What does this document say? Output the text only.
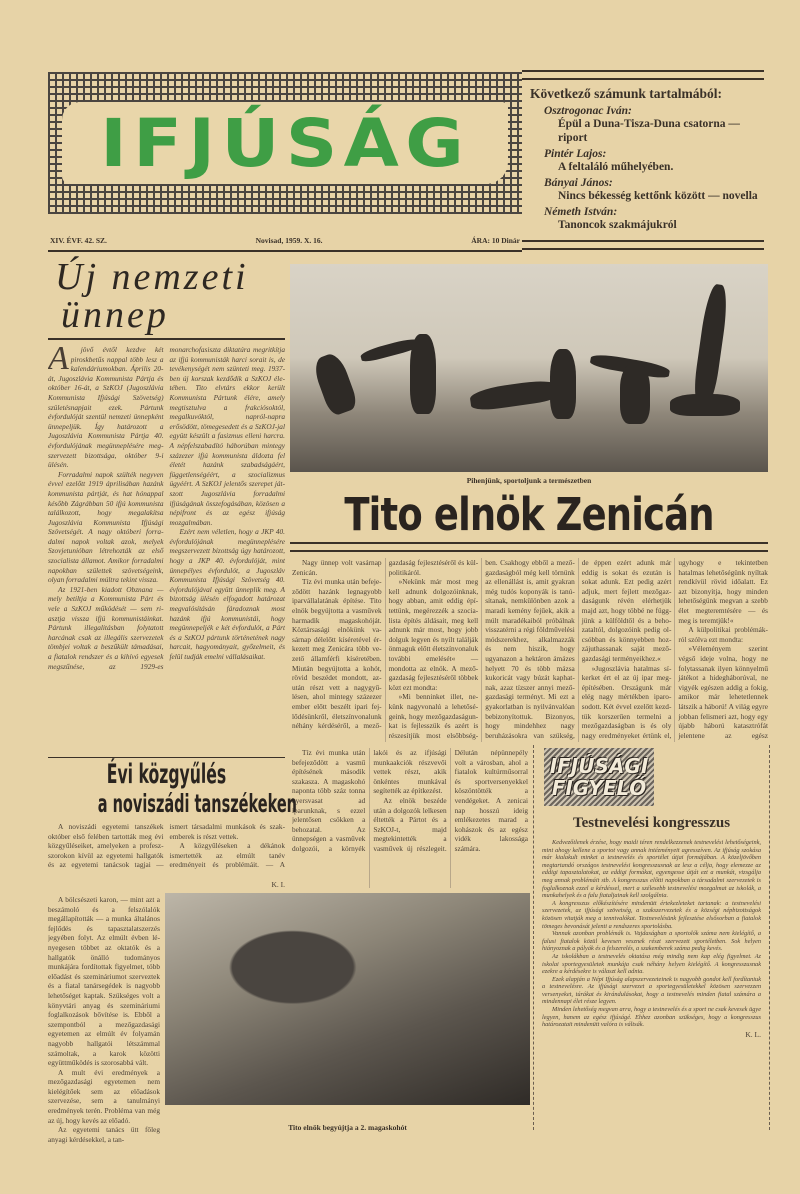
IFJÚSÁG
Következő számunk tartalmából:
Osztrogonac Iván:
Épül a Duna-Tisza-Duna csatorna — riport
Pintér Lajos:
A feltaláló műhelyében.
Bányai János:
Nincs békesség kettőnk között — novella
Németh István:
Tanoncok szakmájukról
XIV. ÉVF. 42. SZ.	Novisad, 1959. X. 16.	ÁRA: 10 Dinár
Új nemzeti
ünnep
A	jövő évtől kezdve két piroskbetűs nappal több lesz a kalendáriumokban. Április 20-át, Jugoszlávia Kommunista Pártja és október 16-át, a SzKOJ (Jugoszlávia Kommunista Ifjúsági Szövetség) születésnapjait ezek. Pártunk évfordulóját szentül nemzeti ünnepként ünnepeljük. Így határozott a Jugoszlávia Kommunista Pártja 40. évfordulójának megünneplésére megszervezett bizottsága, október 9-i ülésén.

Forradalmi napok szülték negyven évvel ezelőtt 1919 áprilisában hazánk kommunista pártját, és hat hónappal később Zágrábban 50 ifjú kommunista találkozott, hogy megalakítsa Jugoszlávia Kommunista Ifjúsági Szövetségét. A nagy októberi forradalmi napok voltak azok, melyek Szovjetunióban létrehozták az első szocialista államot. Amikor forradalmi napokban születtek szövetségeink, olyan forradalmi múltra tekint vissza.

Az 1921-ben kiadott Obznana — mely betiltja a Kommunista Párt és vele a SzKOJ működését — sem riasztja vissza ifjú kommunistáinkat. Pártunk illegalitásban folytatott harcának csak az illegális szervezetek tömbjei voltak a beszűkült támadásai, a fiatalok rendszer és a kihívó egyesek megszűnése, az 1929-es monarchofasiszta diktatúra megritkítja az ifjú kommunisták harci sorait is, de tevékenységét nem szünteti meg. 1937-ben új korszak kezdődik a SzKOJ életében. Tito elvtárs ekkor került Kommunista Pártunk élére, amely megtisztulva a frakciósoktól, megalkuvóktól, napról-napra erősödött, tömegesedett és a SzKOJ-jal együtt készült a fasizmus elleni harcra. A népfelszabadító háborúban mintegy százezer ifjú kommunista áldozta fel életét hazánk szabadságáért, függetlenségéért, a szocializmus ügyéért. A SzKOJ jelentős szerepet játszott Jugoszlávia forradalmi ifjúságának összefogásában, közösen a népifront és az egész ifjúság mozgalmában.

Ezért nem véletlen, hogy a JKP 40. évfordulójának megünneplésére megszervezett bizottság úgy határozott, hogy a JKP 40. évfordulóját, mint ünnepélyes évfordulót, a Jugoszláv Kommunista Ifjúsági Szövetség 40. évfordulójával együtt ünneplik meg. A bizottság ülésén elfogadott határozat megvalósításán fáradoznak most hazánk ifjú kommunistái, hogy megünnepeljék e két évfordulót, a Párt és a SzKOJ pártunk történetének nagy harcait, hagyományait, győzelmeit, és felül tudják emelni vállalásaikat.

Pihenjünk, sportoljunk a természetben
Tito elnök Zenicán

Nagy ünnep volt vasárnap Zenicán.

Tíz évi munka után befejeződött hazánk legnagyobb iparvállalatának építése. Tito elnök begyújtotta a vasművek harmadik magaskohóját. Köztársasági elnökünk vasárnap délelőtt kíséretével érkezett meg Zenicára több vezető államférfi kíséretében. Miután begyújtotta a kohót, rövid beszédet mondott, azután részt vett a nagygyűlésen, ahol mintegy százezer ember előtt beszélt ipari fejlődésünkről, életszínvonalunk néhány kérdéséről, a mezőgazdaság fejlesztéséről és külpolitikáról.

»Nekünk már most meg kell adnunk dolgozóinknak, hogy abban, amit eddig építettünk, megérezzék a szocialista építés áldásait, meg kell adnunk már most, hogy jobb dolguk legyen és nyílt találják önmaguk előtt életszínvonaluk további emelését« — mondotta az elnök. A mezőgazdaság fejlesztéséről többek közt ezt mondta:

»Mi benninket illet, nekünk nagyvonalú a lehetőségeink, hogy mezőgazdaságunkat is fejlesszük és azért is részesítjük most elsőbbségben. Csakhogy ebből a mezőgazdaságból még kell törnünk az ellenállást is, amit gyakran még tudós koponyák is tanúsítanak, nemkülönben azok a maradi kemény fejűek, akik a múlt maradékaiból próbálnak visszatérni a régi földművelési módszerekhez, alkalmazzák és nem hiszik, hogy ugyanazon a hektáron ámázes helyett 70 és több mázsa kukoricát vagy búzát kaphatnak, azaz tízszer annyi mezőgazdasági terményt. Mi ezt a gyakorlatban is nyilvánvalóan bebizonyítottuk. Bizonyos, hogy mindehhez nagy beruházásokra van szükség, de éppen ezért adunk már eddig is sokat és ezután is sokat adunk. Ezt pedig azért adjuk, mert fejlett mezőgazdaságunk révén elérhetjük majd azt, hogy többé ne függjünk a külföldtől és a behozataltól, dolgozóink pedig olcsóbban és könnyebben hozzájuthassanak saját mezőgazdasági terményeikhez.«

»Jugoszlávia hatalmas síkerket ért el az új ipar megépítésében. Országunk már elég nagy mértékben iparosodott. Két évvel ezelőtt kezdtük korszerűen termelni a mezőgazdaságban is és oly nagy eredményeket értünk el, ugyhogy e tekintetben hatalmas lehetőségünk nyíltak rendkívül rövid időalatt. Ez azt bizonyítja, hogy minden lehetőségünk megvan a szebb élet megteremtésére — és meg is teremtjük!«

A külpolitikai problémákról szólva ezt mondta:

»Véleményem szerint végső ideje volna, hogy ne folytassanak ilyen könnyelmű játékot a hidegháborúval, ne vigyék egészen addig a fokig, amikor már lehetetlennek látszik a háború! A világ egyre jobban felismeri azt, hogy egy újabb háború katasztrófát jelentene az egész

Tíz évi munka után befejeződött a vasmű építésének második szakasza. A magaskohó naponta több száz tonna nyersvasat ad iparunknak, s ezzel jelentősen csökken a behozatal. Az ünnepségen a vasművek dolgozói, a környék lakói és az ifjúsági munkaakciók részvevői vettek részt, akik önkéntes munkával segítették az építkezést.

Az elnök beszéde után a dolgozók lelkesen éltették a Pártot és a SzKOJ-t, majd megtekintették a vasművek új részlegeit. Délután népünnepély volt a városban, ahol a fiatalok kultúrműsorral és sportversenyekkel köszöntötték a vendégeket. A zenicai nap hosszú ideig emlékezetes marad a kohászok és az egész vidék lakossága számára.

Évi közgyűlés
a noviszádi tanszékeken

A noviszádi egyetemi tanszékek október első felében tartották meg évi közgyűléseiket, amelyeken a profeszszorokon kívül az egyetemi hallgatók és az egyetemi tanácsok tagjai — ismert társadalmi munkások és szakemberek is részt vettek.

A közgyűléseken a dékánok ismertették az elmúlt tanév eredményeit és problémáit. — A

K. I.

A bölcsészeti karon, — mint azt a beszámoló és a felszólalók megállapították — a munka általános fejlődés és tapasztalatszerzés jegyében folyt. Az elmúlt évben lényegesen többet az oktatók és a hallgatók önálló tudományos munkájára fordítottak figyelmet, több előadást és szemináriumot szerveztek és a fiatal tanársegédek is nagyobb lehetőséget kaptak. Szükséges volt a könyvtári anyag és szemináriumi foglalkozások bővítése is. Ebből a szempontból a mezőgazdasági egyetemen az elmúlt év folyamán nagyobb hallgatói létszámmal számoltak, a karok közötti együttműködés is szorosabbá vált.

A mult évi eredmények a mezőgazdasági egyetemen nem kielégítőek sem az előadások szervezése, sem a tanulmányi eredmények terén. Probléma van még az új, hogy kevés az előadó.

Az egyetemi tanács ütt főleg anyagi kérdésekkel, a tan-

Tito elnök begyújtja a 2. magaskohót
IFJÚSÁGI
FIGYELŐ
Testnevelési kongresszus

Kedvezőtlenek érzése, hogy maidi téren rendelkezzenek testnevelési lehetőségeink, mint ahogy kellene a sportot vagy annak intézményeit agresszíven. Az ifjúság szokása már kialakult minket a testnevelés és sportélet útjai formájában. A közeljövőben megtartandó országos testnevelési kongresszusnak az lesz a célja, hogy elemezze az eddigi tapasztalatokat, az eddigi formákat, egyengesse útját ezt a munkát, vizsgálja meg annak problémáit stb. A kongresszus előtti napokban a társadalmi szervezetek is foglalkoznak ezzel a kérdéssel, mert a szélesebb testnevelési mozgalmat az iskolák, a munkahelyek és a falu fiataljainak kell szolgálnia.

A kongresszus előkészítésére mindenütt értekezleteket tartanak: a testnevelési szervezetek, az ifjúsági szövetség, a szakszervezetek és a községi népbizottságok közösen vitatják meg a tennivalókat. Testnevelésünk fejlesztése elsősorban a fiatalok tömeges bevonását jelenti a rendszeres sportolásba.

Vannak azonban problémák is. Vajdaságban a sportolók száma nem kielégítő, a falusi fiatalok közül kevesen vesznek részt szervezett sportéletben. Sok helyen hiányoznak a pályák és a felszerelés, a szakemberek száma pedig kevés.

Az iskolákban a testnevelés oktatása még mindig nem kap elég figyelmet. Az iskolai sportegyesületek munkája csak néhány helyen kielégítő. A kongresszusnak ezekre a kérdésekre is választ kell adnia.

Ezek alapján a Népi Ifjúság alapszervezeteinek is nagyobb gondot kell fordítaniuk a testnevelésre. Az ifjúsági szervezet a sportegyesületekkel közösen szervezzen versenyeket, túrákat és kirándulásokat, hogy a testnevelés minden fiatal számára a mindennapi élet része legyen.

Minden lehetőség megvan arra, hogy a testnevelés és a sport ne csak kevesek ügye legyen, hanem az egész ifjúságé. Ehhez azonban szükséges, hogy a kongresszus határozatait mindenütt valóra is váltsák.

K. L.
